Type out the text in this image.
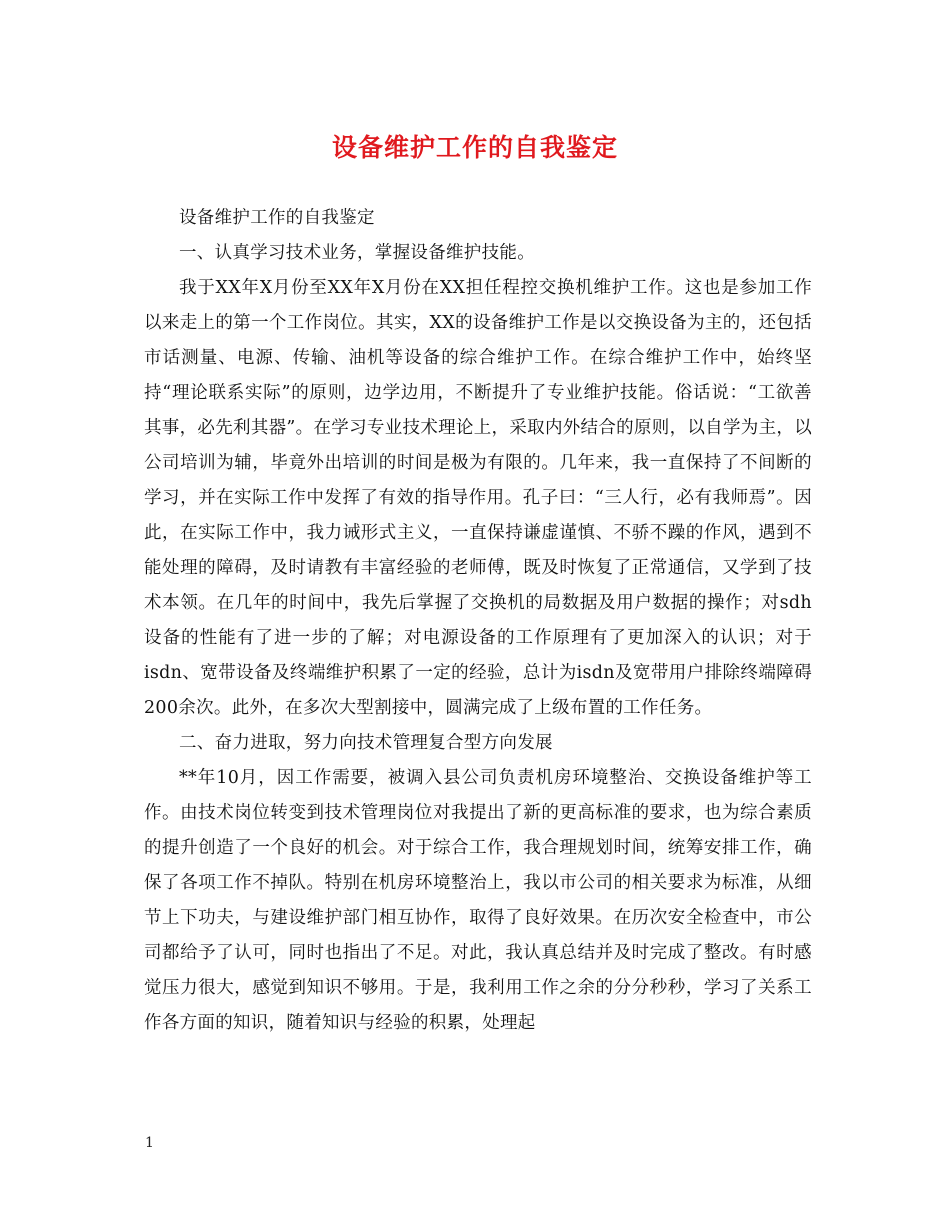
设备维护工作的自我鉴定

设备维护工作的自我鉴定

一、认真学习技术业务，掌握设备维护技能。

我于XX年X月份至XX年X月份在XX担任程控交换机维护工作。这也是参加工作以来走上的第一个工作岗位。其实，XX的设备维护工作是以交换设备为主的，还包括市话测量、电源、传输、油机等设备的综合维护工作。在综合维护工作中，始终坚持“理论联系实际”的原则，边学边用，不断提升了专业维护技能。俗话说：“工欲善其事，必先利其器”。在学习专业技术理论上，采取内外结合的原则，以自学为主，以公司培训为辅，毕竟外出培训的时间是极为有限的。几年来，我一直保持了不间断的学习，并在实际工作中发挥了有效的指导作用。孔子曰：“三人行，必有我师焉”。因此，在实际工作中，我力诫形式主义，一直保持谦虚谨慎、不骄不躁的作风，遇到不能处理的障碍，及时请教有丰富经验的老师傅，既及时恢复了正常通信，又学到了技术本领。在几年的时间中，我先后掌握了交换机的局数据及用户数据的操作；对sdh设备的性能有了进一步的了解；对电源设备的工作原理有了更加深入的认识；对于isdn、宽带设备及终端维护积累了一定的经验，总计为isdn及宽带用户排除终端障碍200余次。此外，在多次大型割接中，圆满完成了上级布置的工作任务。

二、奋力进取，努力向技术管理复合型方向发展

**年10月，因工作需要，被调入县公司负责机房环境整治、交换设备维护等工作。由技术岗位转变到技术管理岗位对我提出了新的更高标准的要求，也为综合素质的提升创造了一个良好的机会。对于综合工作，我合理规划时间，统筹安排工作，确保了各项工作不掉队。特别在机房环境整治上，我以市公司的相关要求为标准，从细节上下功夫，与建设维护部门相互协作，取得了良好效果。在历次安全检查中，市公司都给予了认可，同时也指出了不足。对此，我认真总结并及时完成了整改。有时感觉压力很大，感觉到知识不够用。于是，我利用工作之余的分分秒秒，学习了关系工作各方面的知识，随着知识与经验的积累，处理起

1
